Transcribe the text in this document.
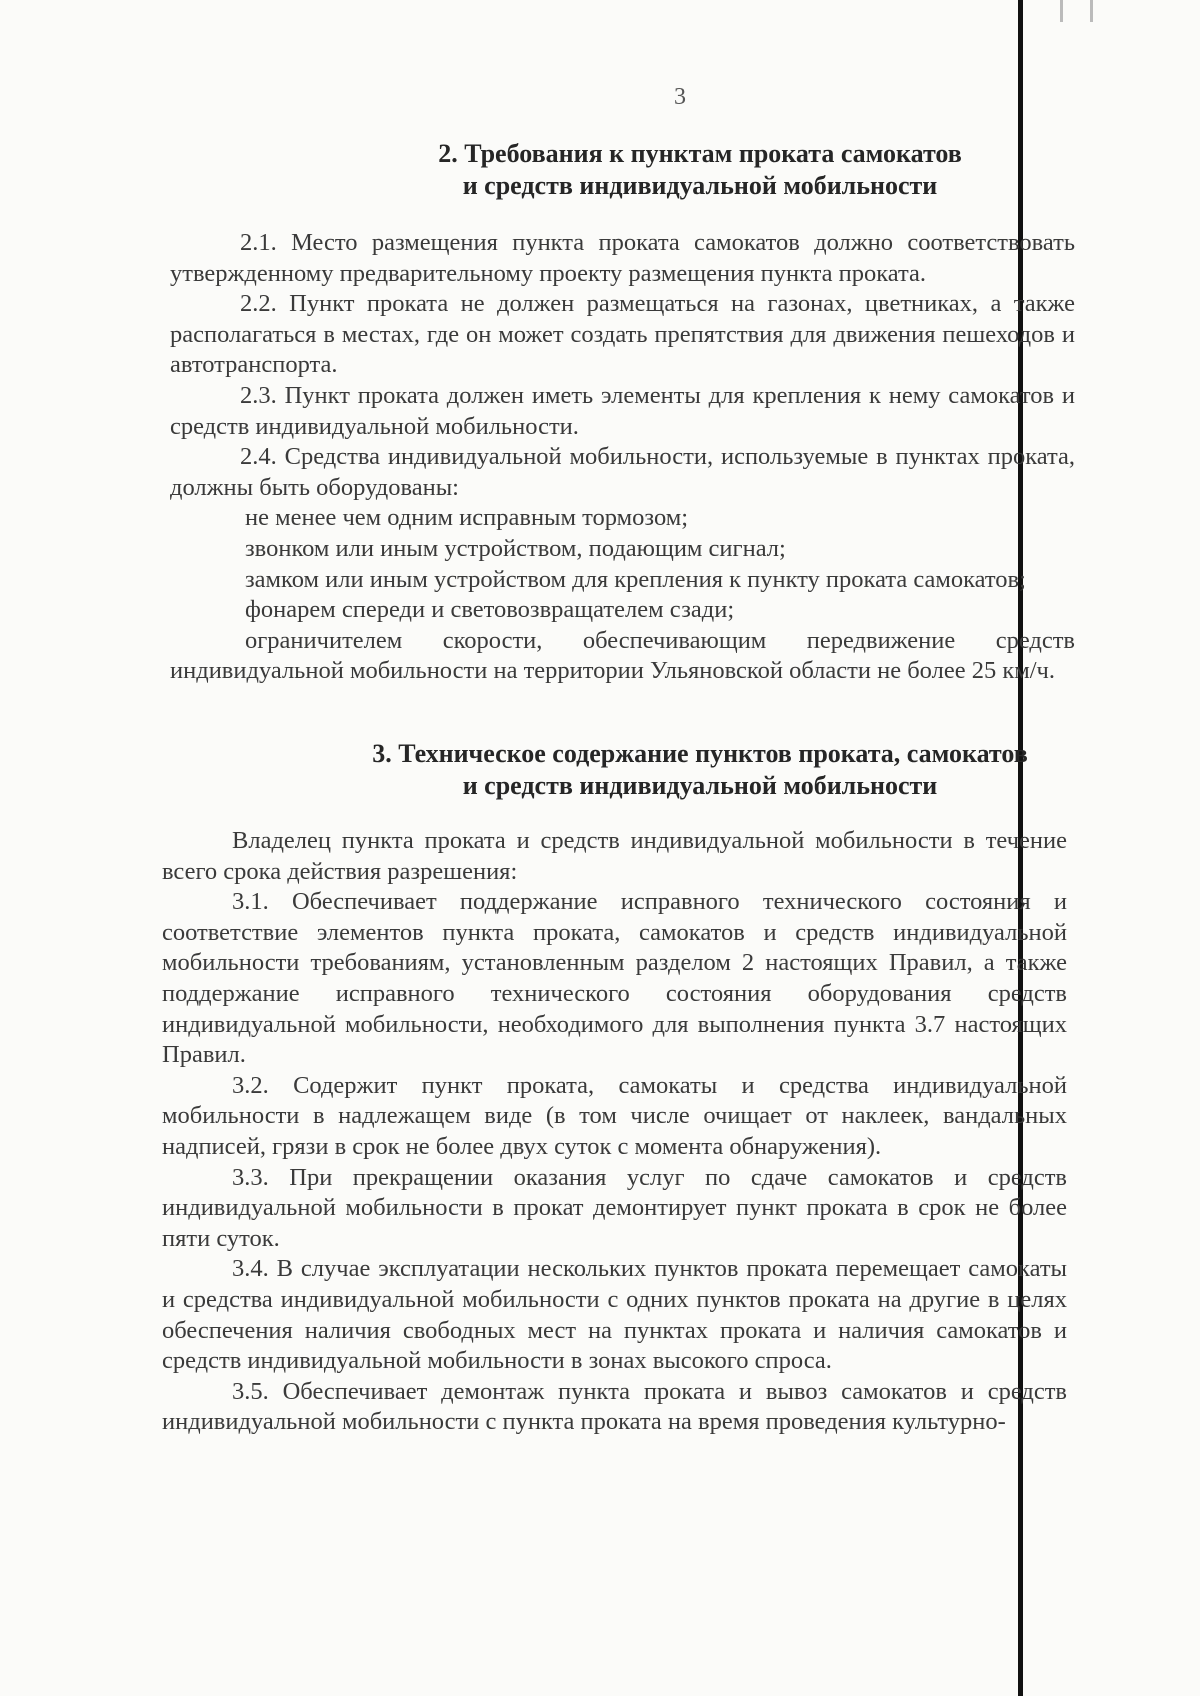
3
2. Требования к пунктам проката самокатов
и средств индивидуальной мобильности
2.1. Место размещения пункта проката самокатов должно соответствовать утвержденному предварительному проекту размещения пункта проката.
2.2. Пункт проката не должен размещаться на газонах, цветниках, а также располагаться в местах, где он может создать препятствия для движения пешеходов и автотранспорта.
2.3. Пункт проката должен иметь элементы для крепления к нему самокатов и средств индивидуальной мобильности.
2.4. Средства индивидуальной мобильности, используемые в пунктах проката, должны быть оборудованы:
не менее чем одним исправным тормозом;
звонком или иным устройством, подающим сигнал;
замком или иным устройством для крепления к пункту проката самокатов;
фонарем спереди и световозвращателем сзади;
ограничителем скорости, обеспечивающим передвижение средств индивидуальной мобильности на территории Ульяновской области не более 25 км/ч.
3. Техническое содержание пунктов проката, самокатов
и средств индивидуальной мобильности
Владелец пункта проката и средств индивидуальной мобильности в течение всего срока действия разрешения:
3.1. Обеспечивает поддержание исправного технического состояния и соответствие элементов пункта проката, самокатов и средств индивидуальной мобильности требованиям, установленным разделом 2 настоящих Правил, а также поддержание исправного технического состояния оборудования средств индивидуальной мобильности, необходимого для выполнения пункта 3.7 настоящих Правил.
3.2. Содержит пункт проката, самокаты и средства индивидуальной мобильности в надлежащем виде (в том числе очищает от наклеек, вандальных надписей, грязи в срок не более двух суток с момента обнаружения).
3.3. При прекращении оказания услуг по сдаче самокатов и средств индивидуальной мобильности в прокат демонтирует пункт проката в срок не более пяти суток.
3.4. В случае эксплуатации нескольких пунктов проката перемещает самокаты и средства индивидуальной мобильности с одних пунктов проката на другие в целях обеспечения наличия свободных мест на пунктах проката и наличия самокатов и средств индивидуальной мобильности в зонах высокого спроса.
3.5. Обеспечивает демонтаж пункта проката и вывоз самокатов и средств индивидуальной мобильности с пункта проката на время проведения культурно-
